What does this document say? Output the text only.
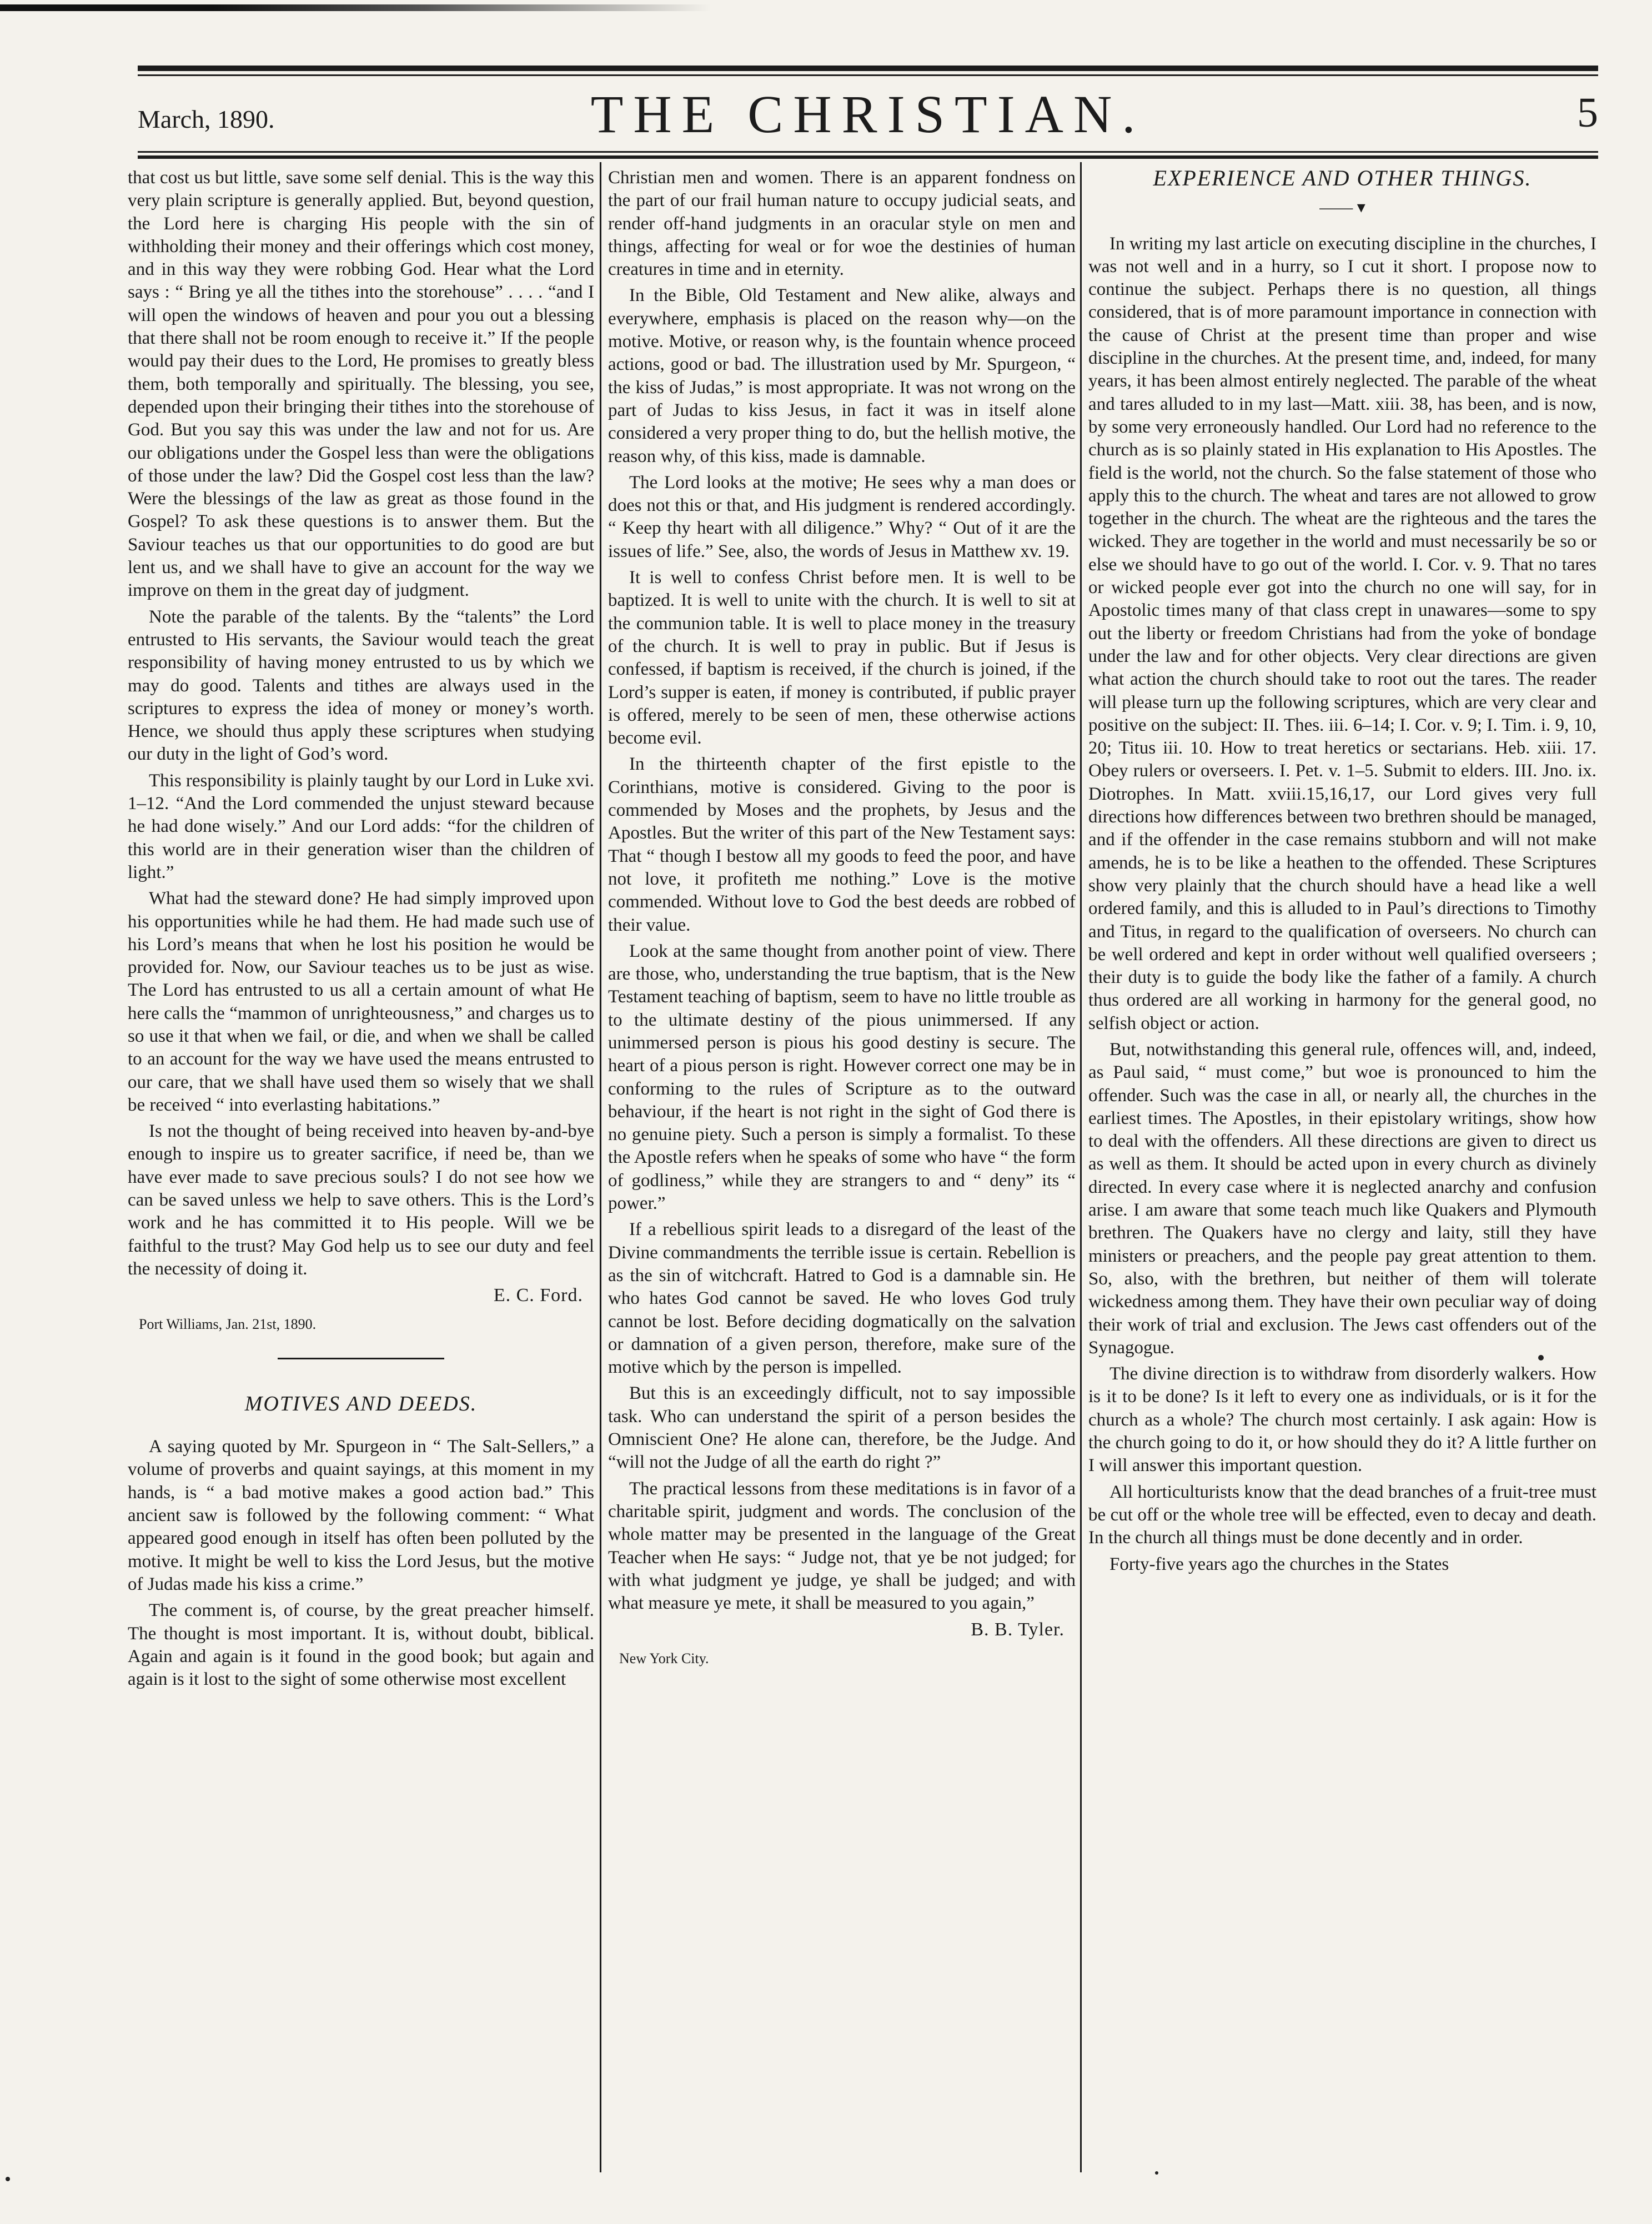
March, 1890.	THE CHRISTIAN.	5

that cost us but little, save some self denial. This is the way this very plain scripture is generally applied. But, beyond question, the Lord here is charging His people with the sin of withholding their money and their offerings which cost money, and in this way they were robbing God. Hear what the Lord says : “ Bring ye all the tithes into the storehouse” . . . . “and I will open the windows of heaven and pour you out a blessing that there shall not be room enough to receive it.” If the people would pay their dues to the Lord, He promises to greatly bless them, both temporally and spiritually. The blessing, you see, depended upon their bringing their tithes into the storehouse of God. But you say this was under the law and not for us. Are our obligations under the Gospel less than were the obligations of those under the law? Did the Gospel cost less than the law? Were the blessings of the law as great as those found in the Gospel? To ask these questions is to answer them. But the Saviour teaches us that our opportunities to do good are but lent us, and we shall have to give an account for the way we improve on them in the great day of judgment.

Note the parable of the talents. By the “talents” the Lord entrusted to His servants, the Saviour would teach the great responsibility of having money entrusted to us by which we may do good. Talents and tithes are always used in the scriptures to express the idea of money or money’s worth. Hence, we should thus apply these scriptures when studying our duty in the light of God’s word.

This responsibility is plainly taught by our Lord in Luke xvi. 1–12. “And the Lord commended the unjust steward because he had done wisely.” And our Lord adds: “for the children of this world are in their generation wiser than the children of light.”

What had the steward done? He had simply improved upon his opportunities while he had them. He had made such use of his Lord’s means that when he lost his position he would be provided for. Now, our Saviour teaches us to be just as wise. The Lord has entrusted to us all a certain amount of what He here calls the “mammon of unrighteousness,” and charges us to so use it that when we fail, or die, and when we shall be called to an account for the way we have used the means entrusted to our care, that we shall have used them so wisely that we shall be received “ into everlasting habitations.”

Is not the thought of being received into heaven by-and-bye enough to inspire us to greater sacrifice, if need be, than we have ever made to save precious souls? I do not see how we can be saved unless we help to save others. This is the Lord’s work and he has committed it to His people. Will we be faithful to the trust? May God help us to see our duty and feel the necessity of doing it.

E. C. Ford.
Port Williams, Jan. 21st, 1890.
MOTIVES AND DEEDS.

A saying quoted by Mr. Spurgeon in “ The Salt-Sellers,” a volume of proverbs and quaint sayings, at this moment in my hands, is “ a bad motive makes a good action bad.” This ancient saw is followed by the following comment: “ What appeared good enough in itself has often been polluted by the motive. It might be well to kiss the Lord Jesus, but the motive of Judas made his kiss a crime.”

The comment is, of course, by the great preacher himself. The thought is most important. It is, without doubt, biblical. Again and again is it found in the good book; but again and again is it lost to the sight of some otherwise most excellent

Christian men and women. There is an apparent fondness on the part of our frail human nature to occupy judicial seats, and render off-hand judgments in an oracular style on men and things, affecting for weal or for woe the destinies of human creatures in time and in eternity.

In the Bible, Old Testament and New alike, always and everywhere, emphasis is placed on the reason why—on the motive. Motive, or reason why, is the fountain whence proceed actions, good or bad. The illustration used by Mr. Spurgeon, “ the kiss of Judas,” is most appropriate. It was not wrong on the part of Judas to kiss Jesus, in fact it was in itself alone considered a very proper thing to do, but the hellish motive, the reason why, of this kiss, made is damnable.

The Lord looks at the motive; He sees why a man does or does not this or that, and His judgment is rendered accordingly. “ Keep thy heart with all diligence.” Why? “ Out of it are the issues of life.” See, also, the words of Jesus in Matthew xv. 19.

It is well to confess Christ before men. It is well to be baptized. It is well to unite with the church. It is well to sit at the communion table. It is well to place money in the treasury of the church. It is well to pray in public. But if Jesus is confessed, if baptism is received, if the church is joined, if the Lord’s supper is eaten, if money is contributed, if public prayer is offered, merely to be seen of men, these otherwise actions become evil.

In the thirteenth chapter of the first epistle to the Corinthians, motive is considered. Giving to the poor is commended by Moses and the prophets, by Jesus and the Apostles. But the writer of this part of the New Testament says: That “ though I bestow all my goods to feed the poor, and have not love, it profiteth me nothing.” Love is the motive commended. Without love to God the best deeds are robbed of their value.

Look at the same thought from another point of view. There are those, who, understanding the true baptism, that is the New Testament teaching of baptism, seem to have no little trouble as to the ultimate destiny of the pious unimmersed. If any unimmersed person is pious his good destiny is secure. The heart of a pious person is right. However correct one may be in conforming to the rules of Scripture as to the outward behaviour, if the heart is not right in the sight of God there is no genuine piety. Such a person is simply a formalist. To these the Apostle refers when he speaks of some who have “ the form of godliness,” while they are strangers to and “ deny” its “ power.”

If a rebellious spirit leads to a disregard of the least of the Divine commandments the terrible issue is certain. Rebellion is as the sin of witchcraft. Hatred to God is a damnable sin. He who hates God cannot be saved. He who loves God truly cannot be lost. Before deciding dogmatically on the salvation or damnation of a given person, therefore, make sure of the motive which by the person is impelled.

But this is an exceedingly difficult, not to say impossible task. Who can understand the spirit of a person besides the Omniscient One? He alone can, therefore, be the Judge. And “will not the Judge of all the earth do right ?”

The practical lessons from these meditations is in favor of a charitable spirit, judgment and words. The conclusion of the whole matter may be presented in the language of the Great Teacher when He says: “ Judge not, that ye be not judged; for with what judgment ye judge, ye shall be judged; and with what measure ye mete, it shall be measured to you again,”

B. B. Tyler.
New York City.
EXPERIENCE AND OTHER THINGS.
—— ▾

In writing my last article on executing discipline in the churches, I was not well and in a hurry, so I cut it short. I propose now to continue the subject. Perhaps there is no question, all things considered, that is of more paramount importance in connection with the cause of Christ at the present time than proper and wise discipline in the churches. At the present time, and, indeed, for many years, it has been almost entirely neglected. The parable of the wheat and tares alluded to in my last—Matt. xiii. 38, has been, and is now, by some very erroneously handled. Our Lord had no reference to the church as is so plainly stated in His explanation to His Apostles. The field is the world, not the church. So the false statement of those who apply this to the church. The wheat and tares are not allowed to grow together in the church. The wheat are the righteous and the tares the wicked. They are together in the world and must necessarily be so or else we should have to go out of the world. I. Cor. v. 9. That no tares or wicked people ever got into the church no one will say, for in Apostolic times many of that class crept in unawares—some to spy out the liberty or freedom Christians had from the yoke of bondage under the law and for other objects. Very clear directions are given what action the church should take to root out the tares. The reader will please turn up the following scriptures, which are very clear and positive on the subject: II. Thes. iii. 6–14; I. Cor. v. 9; I. Tim. i. 9, 10, 20; Titus iii. 10. How to treat heretics or sectarians. Heb. xiii. 17. Obey rulers or overseers. I. Pet. v. 1–5. Submit to elders. III. Jno. ix. Diotrophes. In Matt. xviii.15,16,17, our Lord gives very full directions how differences between two brethren should be managed, and if the offender in the case remains stubborn and will not make amends, he is to be like a heathen to the offended. These Scriptures show very plainly that the church should have a head like a well ordered family, and this is alluded to in Paul’s directions to Timothy and Titus, in regard to the qualification of overseers. No church can be well ordered and kept in order without well qualified overseers ; their duty is to guide the body like the father of a family. A church thus ordered are all working in harmony for the general good, no selfish object or action.

But, notwithstanding this general rule, offences will, and, indeed, as Paul said, “ must come,” but woe is pronounced to him the offender. Such was the case in all, or nearly all, the churches in the earliest times. The Apostles, in their epistolary writings, show how to deal with the offenders. All these directions are given to direct us as well as them. It should be acted upon in every church as divinely directed. In every case where it is neglected anarchy and confusion arise. I am aware that some teach much like Quakers and Plymouth brethren. The Quakers have no clergy and laity, still they have ministers or preachers, and the people pay great attention to them. So, also, with the brethren, but neither of them will tolerate wickedness among them. They have their own peculiar way of doing their work of trial and exclusion. The Jews cast offenders out of the Synagogue.

The divine direction is to withdraw from disorderly walkers. How is it to be done? Is it left to every one as individuals, or is it for the church as a whole? The church most certainly. I ask again: How is the church going to do it, or how should they do it? A little further on I will answer this important question.

All horticulturists know that the dead branches of a fruit-tree must be cut off or the whole tree will be effected, even to decay and death. In the church all things must be done decently and in order.

Forty-five years ago the churches in the States
